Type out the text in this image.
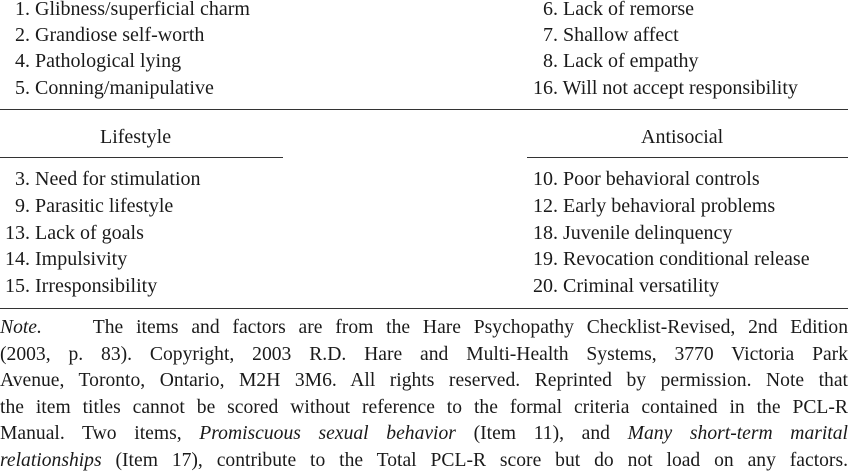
1. Glibness/superficial charm
2. Grandiose self-worth
4. Pathological lying
5. Conning/manipulative
6. Lack of remorse
7. Shallow affect
8. Lack of empathy
16. Will not accept responsibility
Lifestyle	Antisocial
3. Need for stimulation
9. Parasitic lifestyle
13. Lack of goals
14. Impulsivity
15. Irresponsibility
10. Poor behavioral controls
12. Early behavioral problems
18. Juvenile delinquency
19. Revocation conditional release
20. Criminal versatility
Note.	The items and factors are from the Hare Psychopathy Checklist-Revised, 2nd Edition
(2003, p. 83). Copyright, 2003 R.D. Hare and Multi-Health Systems, 3770 Victoria Park
Avenue, Toronto, Ontario, M2H 3M6. All rights reserved. Reprinted by permission. Note that
the item titles cannot be scored without reference to the formal criteria contained in the PCL-R
Manual. Two items, Promiscuous sexual behavior (Item 11), and Many short-term marital
relationships (Item 17), contribute to the Total PCL-R score but do not load on any factors.
